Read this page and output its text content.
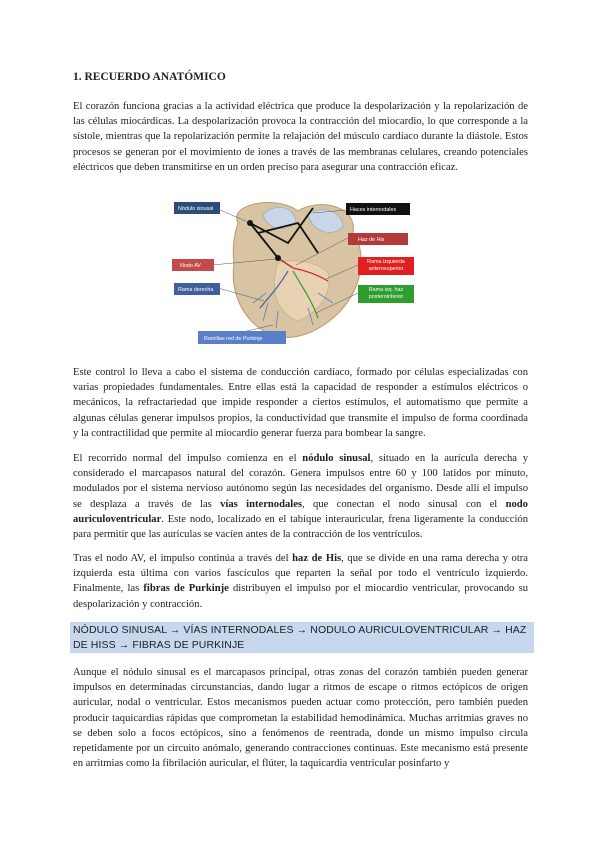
1. RECUERDO ANATÓMICO

El corazón funciona gracias a la actividad eléctrica que produce la despolarización y la repolarización de las células miocárdicas. La despolarización provoca la contracción del miocardio, lo que corresponde a la sístole, mientras que la repolarización permite la relajación del músculo cardíaco durante la diástole. Estos procesos se generan por el movimiento de iones a través de las membranas celulares, creando potenciales eléctricos que deben transmitirse en un orden preciso para asegurar una contracción eficaz.

Nódulo sinusal	Haces internodales
Haz de His
Nodo AV
Rama izquierda anterosuperior
Rama derecha	Rama izq. haz posteroinferior
Ramillas red de Purkinje

Este control lo lleva a cabo el sistema de conducción cardíaco, formado por células especializadas con varias propiedades fundamentales. Entre ellas está la capacidad de responder a estímulos eléctricos o mecánicos, la refractariedad que impide responder a ciertos estímulos, el automatismo que permite a algunas células generar impulsos propios, la conductividad que transmite el impulso de forma coordinada y la contractilidad que permite al miocardio generar fuerza para bombear la sangre.

El recorrido normal del impulso comienza en el nódulo sinusal, situado en la aurícula derecha y considerado el marcapasos natural del corazón. Genera impulsos entre 60 y 100 latidos por minuto, modulados por el sistema nervioso autónomo según las necesidades del organismo. Desde allí el impulso se desplaza a través de las vías internodales, que conectan el nodo sinusal con el nodo auriculoventricular. Este nodo, localizado en el tabique interauricular, frena ligeramente la conducción para permitir que las aurículas se vacíen antes de la contracción de los ventrículos.

Tras el nodo AV, el impulso continúa a través del haz de His, que se divide en una rama derecha y otra izquierda esta última con varios fascículos que reparten la señal por todo el ventrículo izquierdo. Finalmente, las fibras de Purkinje distribuyen el impulso por el miocardio ventricular, provocando su despolarización y contracción.

NÓDULO SINUSAL → VÍAS INTERNODALES → NODULO AURICULOVENTRICULAR → HAZ DE HISS → FIBRAS DE PURKINJE

Aunque el nódulo sinusal es el marcapasos principal, otras zonas del corazón también pueden generar impulsos en determinadas circunstancias, dando lugar a ritmos de escape o ritmos ectópicos de origen auricular, nodal o ventricular. Estos mecanismos pueden actuar como protección, pero también pueden producir taquicardias rápidas que comprometan la estabilidad hemodinámica. Muchas arritmias graves no se deben solo a focos ectópicos, sino a fenómenos de reentrada, donde un mismo impulso circula repetidamente por un circuito anómalo, generando contracciones continuas. Este mecanismo está presente en arritmias como la fibrilación auricular, el flúter, la taquicardia ventricular posinfarto y
